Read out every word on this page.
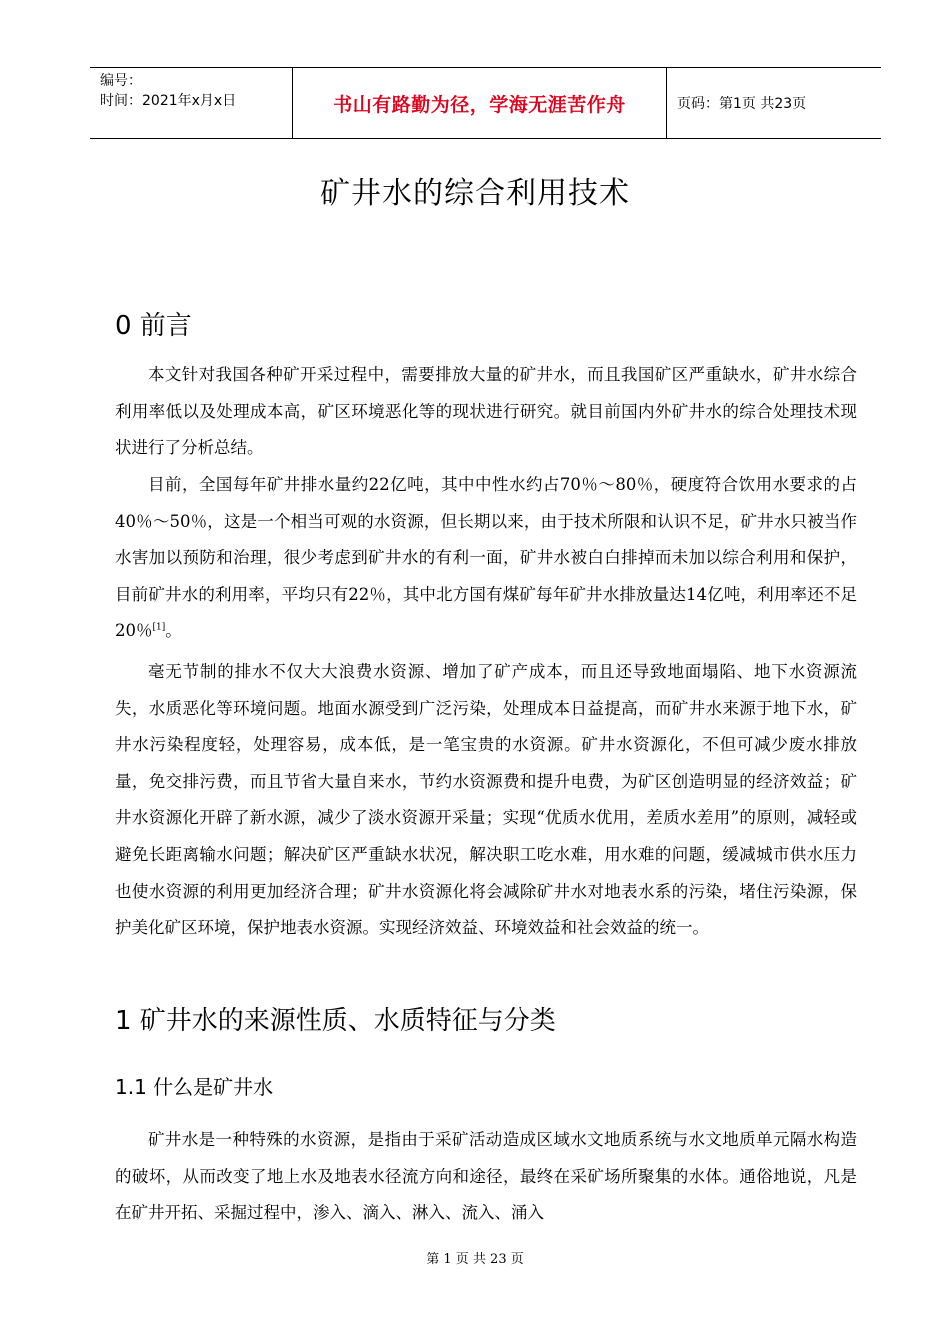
编号：
时间：2021年x月x日	书山有路勤为径，学海无涯苦作舟	页码：第1页 共23页
矿井水的综合利用技术
0 前言

本文针对我国各种矿开采过程中，需要排放大量的矿井水，而且我国矿区严重缺水，矿井水综合利用率低以及处理成本高，矿区环境恶化等的现状进行研究。就目前国内外矿井水的综合处理技术现状进行了分析总结。

目前，全国每年矿井排水量约22亿吨，其中中性水约占70％～80％，硬度符合饮用水要求的占40％～50％，这是一个相当可观的水资源，但长期以来，由于技术所限和认识不足，矿井水只被当作水害加以预防和治理，很少考虑到矿井水的有利一面，矿井水被白白排掉而未加以综合利用和保护，目前矿井水的利用率，平均只有22％，其中北方国有煤矿每年矿井水排放量达14亿吨，利用率还不足20％[1]。

毫无节制的排水不仅大大浪费水资源、增加了矿产成本，而且还导致地面塌陷、地下水资源流失，水质恶化等环境问题。地面水源受到广泛污染，处理成本日益提高，而矿井水来源于地下水，矿井水污染程度轻，处理容易，成本低，是一笔宝贵的水资源。矿井水资源化，不但可减少废水排放量，免交排污费，而且节省大量自来水，节约水资源费和提升电费，为矿区创造明显的经济效益；矿井水资源化开辟了新水源，减少了淡水资源开采量；实现“优质水优用，差质水差用”的原则，减轻或避免长距离输水问题；解决矿区严重缺水状况，解决职工吃水难，用水难的问题，缓减城市供水压力也使水资源的利用更加经济合理；矿井水资源化将会减除矿井水对地表水系的污染，堵住污染源，保护美化矿区环境，保护地表水资源。实现经济效益、环境效益和社会效益的统一。

1 矿井水的来源性质、水质特征与分类
1.1 什么是矿井水

矿井水是一种特殊的水资源，是指由于采矿活动造成区域水文地质系统与水文地质单元隔水构造的破坏，从而改变了地上水及地表水径流方向和途径，最终在采矿场所聚集的水体。通俗地说，凡是在矿井开拓、采掘过程中，渗入、滴入、淋入、流入、涌入

第 1 页 共 23 页
